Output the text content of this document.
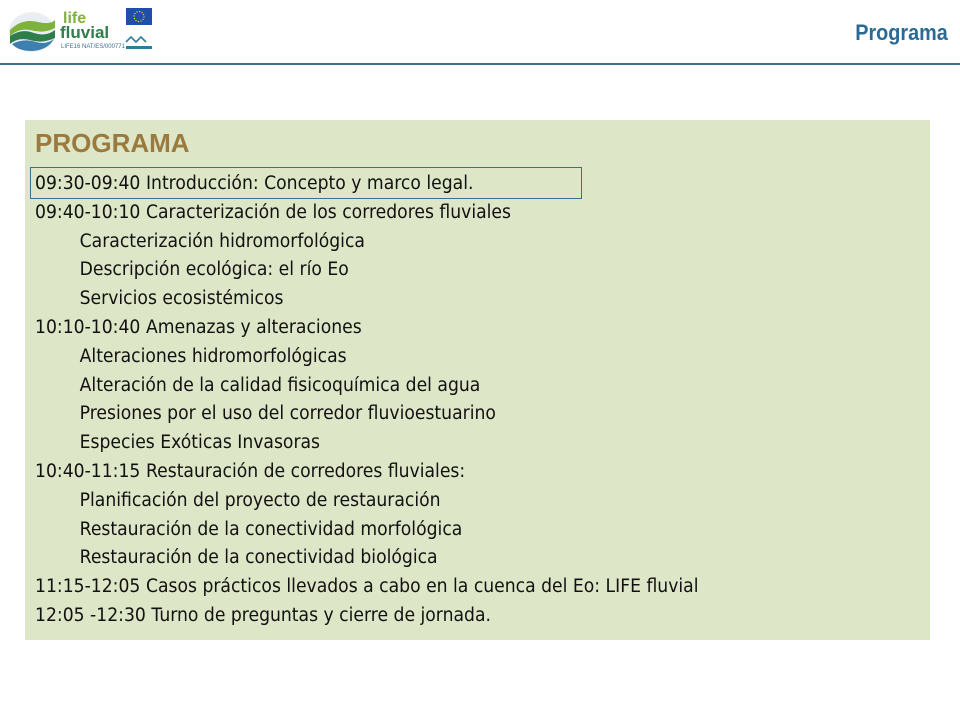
life
fluvial
LIFE16 NAT/ES/000771
Programa
PROGRAMA
09:30-09:40 Introducción: Concepto y marco legal.
09:40-10:10 Caracterización de los corredores fluviales
Caracterización hidromorfológica
Descripción ecológica: el río Eo
Servicios ecosistémicos
10:10-10:40 Amenazas y alteraciones
Alteraciones hidromorfológicas
Alteración de la calidad fisicoquímica del agua
Presiones por el uso del corredor fluvioestuarino
Especies Exóticas Invasoras
10:40-11:15 Restauración de corredores fluviales:
Planificación del proyecto de restauración
Restauración de la conectividad morfológica
Restauración de la conectividad biológica
11:15-12:05 Casos prácticos llevados a cabo en la cuenca del Eo: LIFE fluvial
12:05 -12:30 Turno de preguntas y cierre de jornada.
